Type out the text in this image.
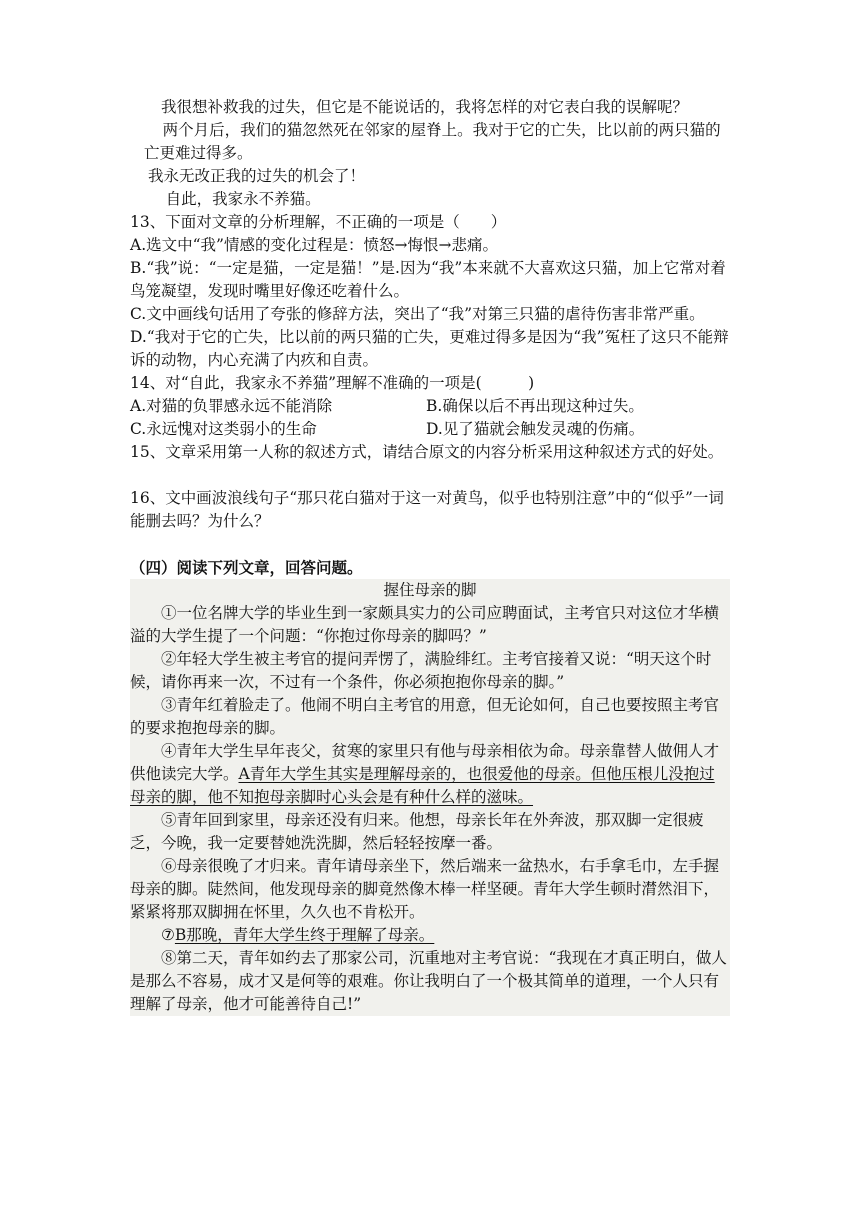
我很想补救我的过失，但它是不能说话的，我将怎样的对它表白我的误解呢？

两个月后，我们的猫忽然死在邻家的屋脊上。我对于它的亡失，比以前的两只猫的亡更难过得多。

我永无改正我的过失的机会了！

自此，我家永不养猫。

13、下面对文章的分析理解，不正确的一项是（　　）

A.选文中“我”情感的变化过程是：愤怒→悔恨→悲痛。

B.“我”说：“一定是猫，一定是猫！”是.因为“我”本来就不大喜欢这只猫，加上它常对着鸟笼凝望，发现时嘴里好像还吃着什么。

C.文中画线句话用了夸张的修辞方法，突出了“我”对第三只猫的虐待伤害非常严重。

D.“我对于它的亡失，比以前的两只猫的亡失，更难过得多是因为“我”冤枉了这只不能辩诉的动物，内心充满了内疚和自责。

14、对“自此，我家永不养猫”理解不准确的一项是(　　　)

A.对猫的负罪感永远不能消除	B.确保以后不再出现这种过失。
C.永远愧对这类弱小的生命	D.见了猫就会触发灵魂的伤痛。

15、文章采用第一人称的叙述方式，请结合原文的内容分析采用这种叙述方式的好处。

16、文中画波浪线句子“那只花白猫对于这一对黄鸟，似乎也特别注意”中的“似乎”一词能删去吗？为什么？

（四）阅读下列文章，回答问题。

握住母亲的脚

①一位名牌大学的毕业生到一家颇具实力的公司应聘面试，主考官只对这位才华横溢的大学生提了一个问题：“你抱过你母亲的脚吗？”

②年轻大学生被主考官的提问弄愣了，满脸绯红。主考官接着又说：“明天这个时候，请你再来一次，不过有一个条件，你必须抱抱你母亲的脚。”

③青年红着脸走了。他闹不明白主考官的用意，但无论如何，自己也要按照主考官的要求抱抱母亲的脚。

④青年大学生早年丧父，贫寒的家里只有他与母亲相依为命。母亲靠替人做佣人才供他读完大学。A青年大学生其实是理解母亲的，也很爱他的母亲。但他压根儿没抱过母亲的脚，他不知抱母亲脚时心头会是有种什么样的滋味。

⑤青年回到家里，母亲还没有归来。他想，母亲长年在外奔波，那双脚一定很疲乏，今晚，我一定要替她洗洗脚，然后轻轻按摩一番。

⑥母亲很晚了才归来。青年请母亲坐下，然后端来一盆热水，右手拿毛巾，左手握母亲的脚。陡然间，他发现母亲的脚竟然像木棒一样坚硬。青年大学生顿时潸然泪下，紧紧将那双脚拥在怀里，久久也不肯松开。

⑦B那晚，青年大学生终于理解了母亲。

⑧第二天，青年如约去了那家公司，沉重地对主考官说：“我现在才真正明白，做人是那么不容易，成才又是何等的艰难。你让我明白了一个极其简单的道理，一个人只有理解了母亲，他才可能善待自己!”
